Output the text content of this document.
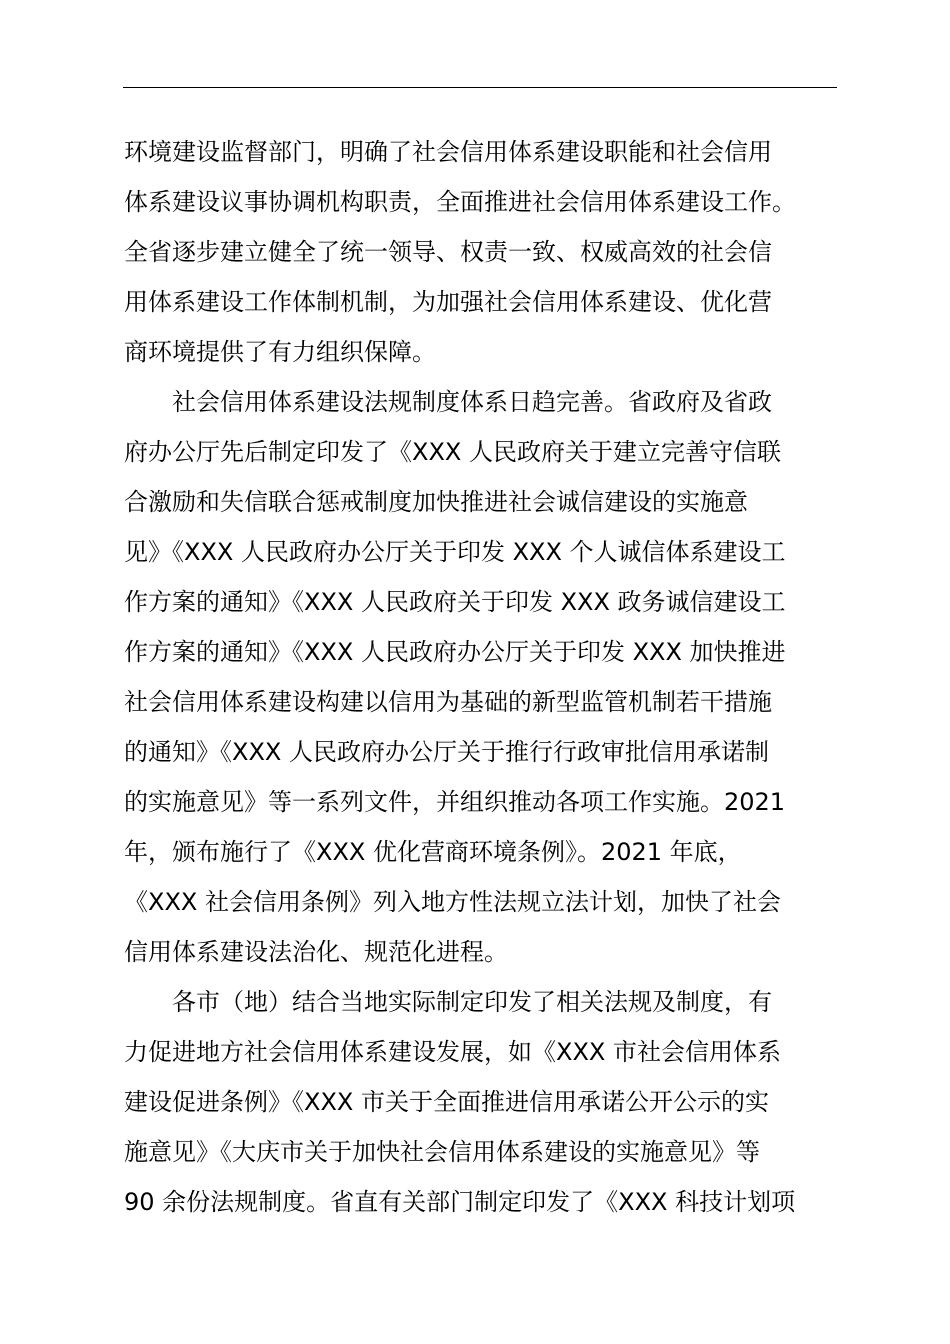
环境建设监督部门，明确了社会信用体系建设职能和社会信用
体系建设议事协调机构职责，全面推进社会信用体系建设工作。
全省逐步建立健全了统一领导、权责一致、权威高效的社会信
用体系建设工作体制机制，为加强社会信用体系建设、优化营
商环境提供了有力组织保障。
　　社会信用体系建设法规制度体系日趋完善。省政府及省政
府办公厅先后制定印发了《XXX 人民政府关于建立完善守信联
合激励和失信联合惩戒制度加快推进社会诚信建设的实施意
见》《XXX 人民政府办公厅关于印发 XXX 个人诚信体系建设工
作方案的通知》《XXX 人民政府关于印发 XXX 政务诚信建设工
作方案的通知》《XXX 人民政府办公厅关于印发 XXX 加快推进
社会信用体系建设构建以信用为基础的新型监管机制若干措施
的通知》《XXX 人民政府办公厅关于推行行政审批信用承诺制
的实施意见》等一系列文件，并组织推动各项工作实施。2021
年，颁布施行了《XXX 优化营商环境条例》。2021 年底，
《XXX 社会信用条例》列入地方性法规立法计划，加快了社会
信用体系建设法治化、规范化进程。
　　各市（地）结合当地实际制定印发了相关法规及制度，有
力促进地方社会信用体系建设发展，如《XXX 市社会信用体系
建设促进条例》《XXX 市关于全面推进信用承诺公开公示的实
施意见》《大庆市关于加快社会信用体系建设的实施意见》等
90 余份法规制度。省直有关部门制定印发了《XXX 科技计划项
